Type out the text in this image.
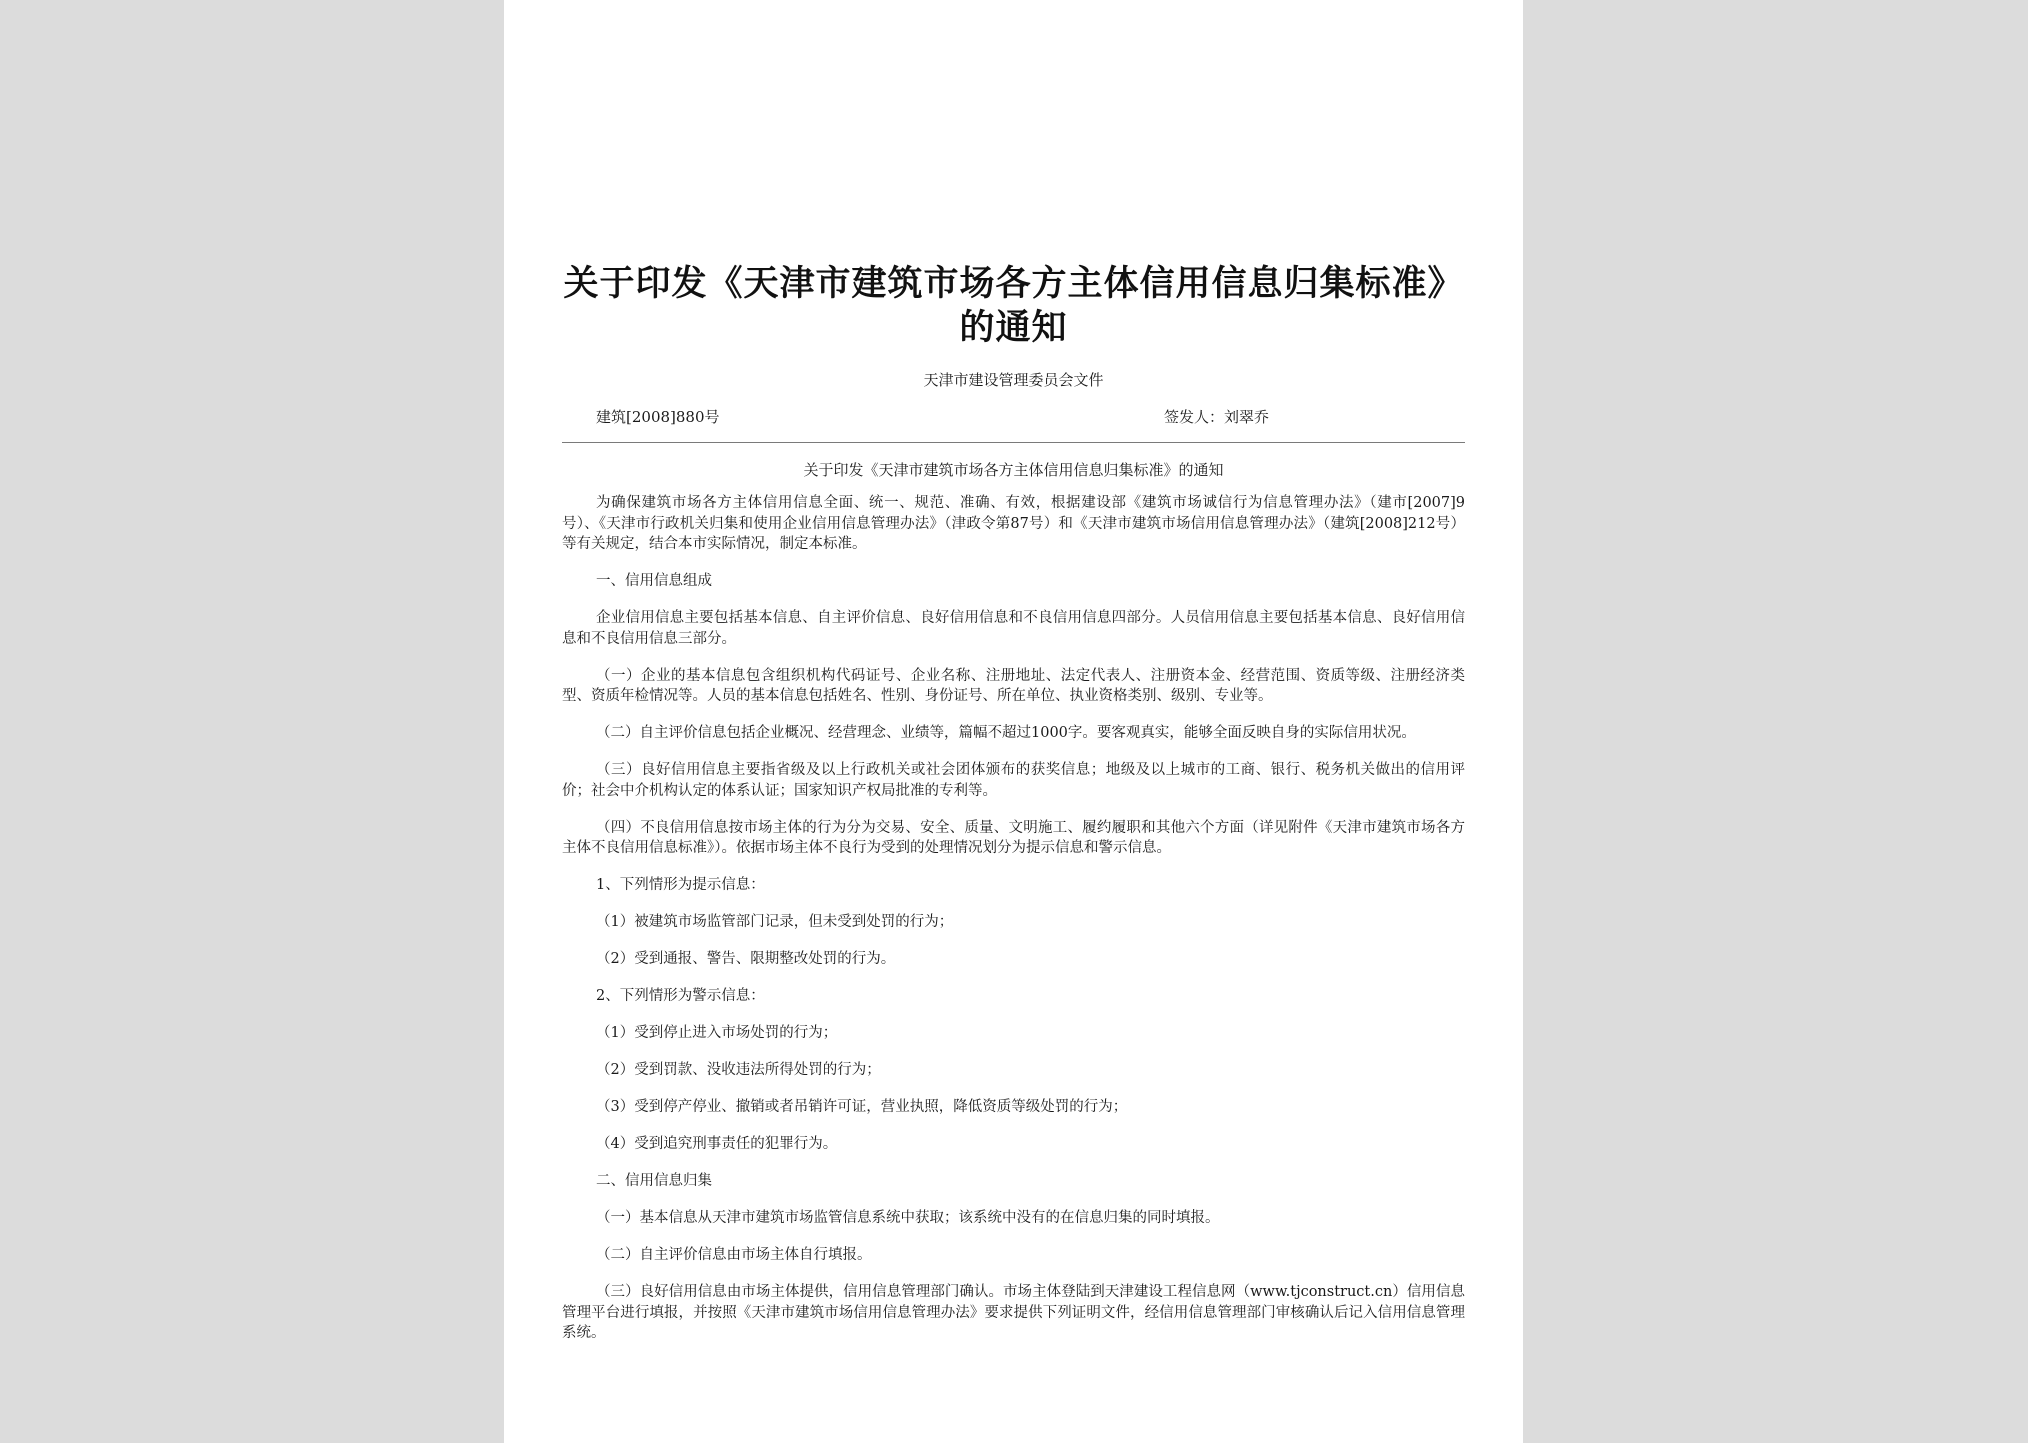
关于印发《天津市建筑市场各方主体信用信息归集标准》的通知
天津市建设管理委员会文件
建筑[2008]880号	签发人：刘翠乔
关于印发《天津市建筑市场各方主体信用信息归集标准》的通知

为确保建筑市场各方主体信用信息全面、统一、规范、准确、有效，根据建设部《建筑市场诚信行为信息管理办法》（建市[2007]9号）、《天津市行政机关归集和使用企业信用信息管理办法》（津政令第87号）和《天津市建筑市场信用信息管理办法》（建筑[2008]212号）等有关规定，结合本市实际情况，制定本标准。

一、信用信息组成

企业信用信息主要包括基本信息、自主评价信息、良好信用信息和不良信用信息四部分。人员信用信息主要包括基本信息、良好信用信息和不良信用信息三部分。

（一）企业的基本信息包含组织机构代码证号、企业名称、注册地址、法定代表人、注册资本金、经营范围、资质等级、注册经济类型、资质年检情况等。人员的基本信息包括姓名、性别、身份证号、所在单位、执业资格类别、级别、专业等。

（二）自主评价信息包括企业概况、经营理念、业绩等，篇幅不超过1000字。要客观真实，能够全面反映自身的实际信用状况。

（三）良好信用信息主要指省级及以上行政机关或社会团体颁布的获奖信息；地级及以上城市的工商、银行、税务机关做出的信用评价；社会中介机构认定的体系认证；国家知识产权局批准的专利等。

（四）不良信用信息按市场主体的行为分为交易、安全、质量、文明施工、履约履职和其他六个方面（详见附件《天津市建筑市场各方主体不良信用信息标准》）。依据市场主体不良行为受到的处理情况划分为提示信息和警示信息。

1、下列情形为提示信息：

（1）被建筑市场监管部门记录，但未受到处罚的行为；

（2）受到通报、警告、限期整改处罚的行为。

2、下列情形为警示信息：

（1）受到停止进入市场处罚的行为；

（2）受到罚款、没收违法所得处罚的行为；

（3）受到停产停业、撤销或者吊销许可证，营业执照，降低资质等级处罚的行为；

（4）受到追究刑事责任的犯罪行为。

二、信用信息归集

（一）基本信息从天津市建筑市场监管信息系统中获取；该系统中没有的在信息归集的同时填报。

（二）自主评价信息由市场主体自行填报。

（三）良好信用信息由市场主体提供，信用信息管理部门确认。市场主体登陆到天津建设工程信息网（www.tjconstruct.cn）信用信息管理平台进行填报，并按照《天津市建筑市场信用信息管理办法》要求提供下列证明文件，经信用信息管理部门审核确认后记入信用信息管理系统。
